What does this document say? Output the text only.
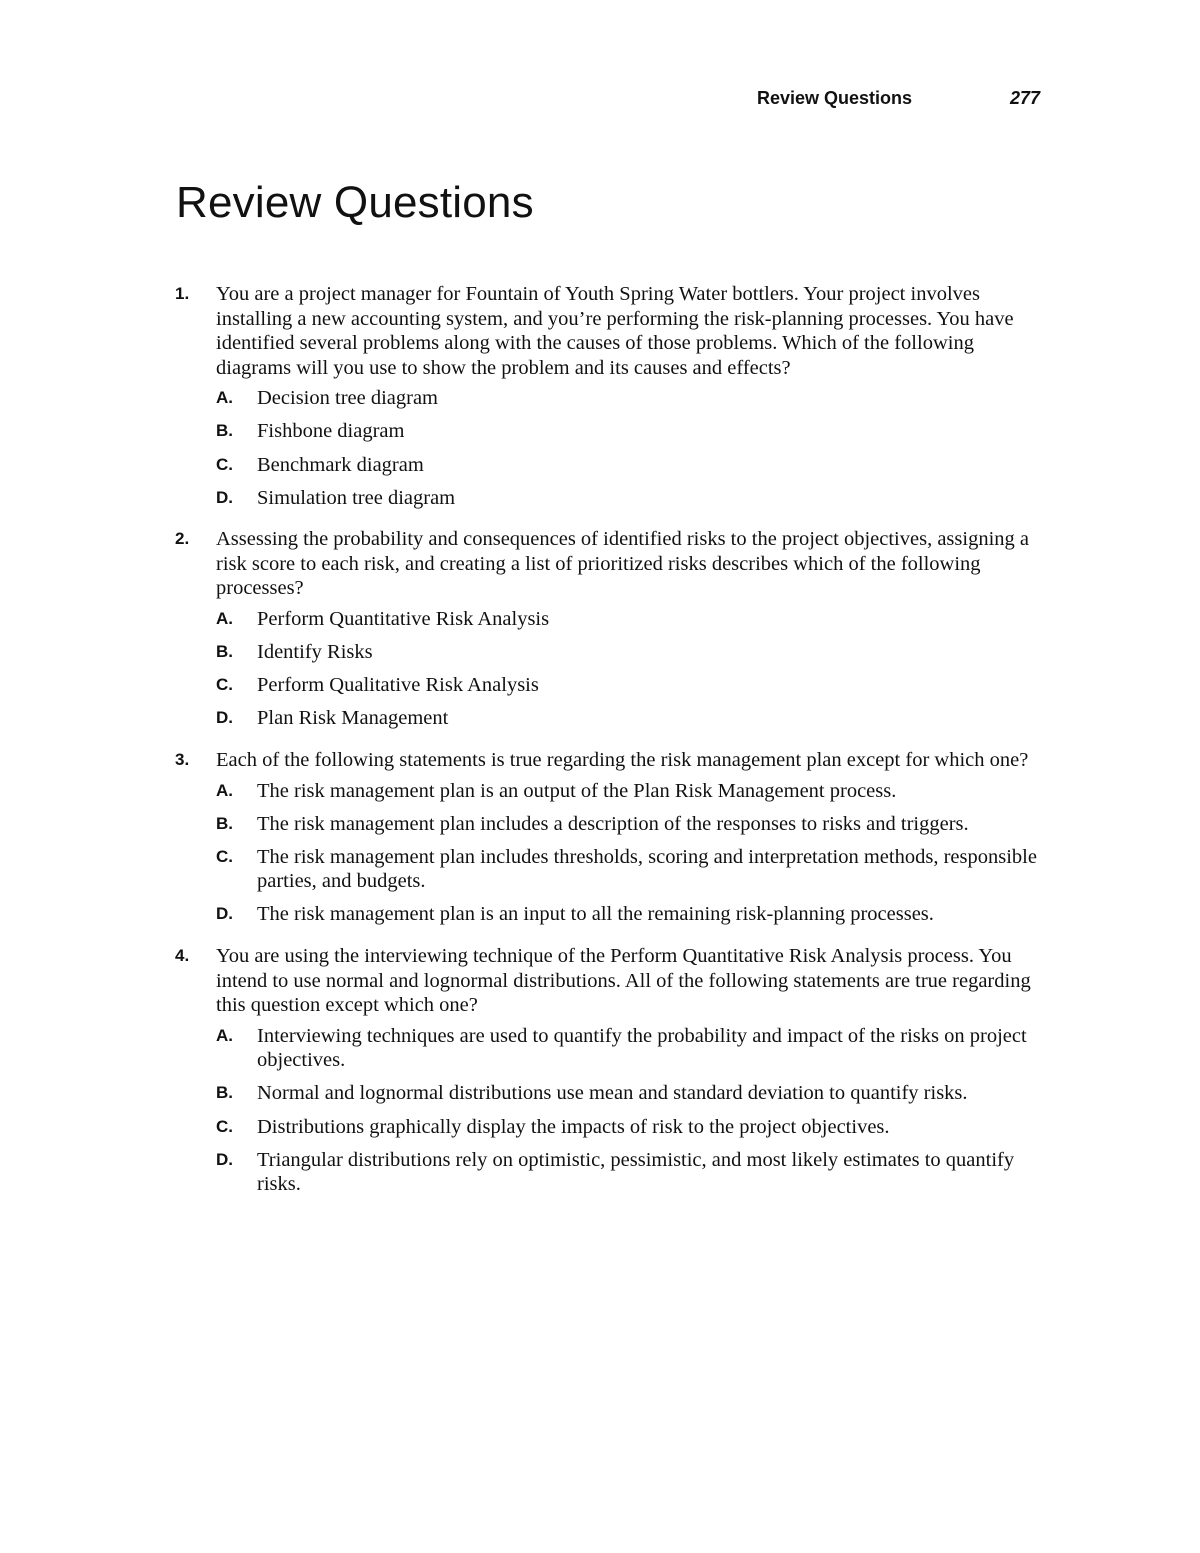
Review Questions	277
Review Questions
1. You are a project manager for Fountain of Youth Spring Water bottlers. Your project involves installing a new accounting system, and you’re performing the risk-planning processes. You have identified several problems along with the causes of those problems. Which of the following diagrams will you use to show the problem and its causes and effects?

A. Decision tree diagram
B. Fishbone diagram
C. Benchmark diagram
D. Simulation tree diagram
2. Assessing the probability and consequences of identified risks to the project objectives, assigning a risk score to each risk, and creating a list of prioritized risks describes which of the following processes?

A. Perform Quantitative Risk Analysis
B. Identify Risks
C. Perform Qualitative Risk Analysis
D. Plan Risk Management
3. Each of the following statements is true regarding the risk management plan except for which one?

A. The risk management plan is an output of the Plan Risk Management process.
B. The risk management plan includes a description of the responses to risks and triggers.
C. The risk management plan includes thresholds, scoring and interpretation methods, responsible parties, and budgets.
D. The risk management plan is an input to all the remaining risk-planning processes.
4. You are using the interviewing technique of the Perform Quantitative Risk Analysis process. You intend to use normal and lognormal distributions. All of the following statements are true regarding this question except which one?

A. Interviewing techniques are used to quantify the probability and impact of the risks on project objectives.
B. Normal and lognormal distributions use mean and standard deviation to quantify risks.
C. Distributions graphically display the impacts of risk to the project objectives.
D. Triangular distributions rely on optimistic, pessimistic, and most likely estimates to quantify risks.
